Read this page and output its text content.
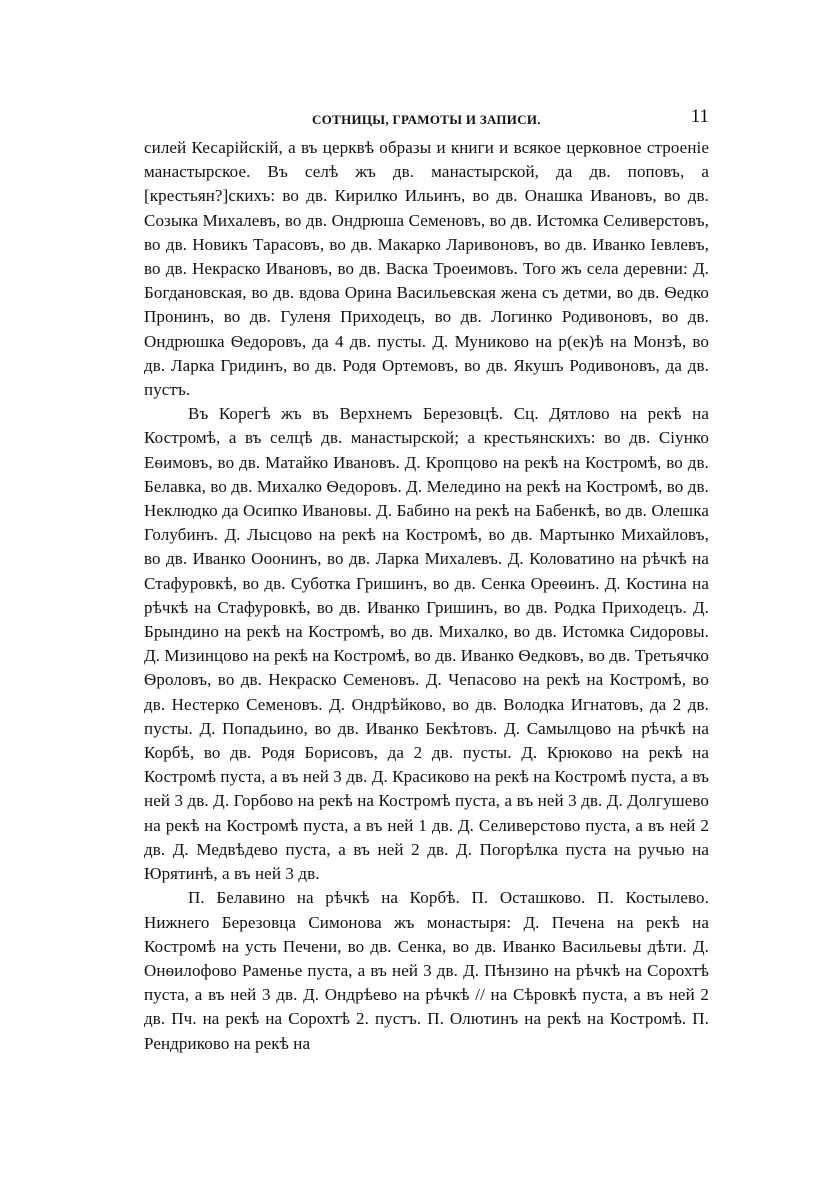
СОТНИЦЫ, ГРАМОТЫ И ЗАПИСИ.	11

силей Кесарійскій, а въ церквѣ образы и книги и всякое церковное строеніе манастырское. Въ селѣ жъ дв. манастырской, да дв. поповъ, а [крестьян?]скихъ: во дв. Кирилко Ильинъ, во дв. Онашка Ивановъ, во дв. Созыка Михалевъ, во дв. Ондрюша Семеновъ, во дв. Истомка Селиверстовъ, во дв. Новикъ Тарасовъ, во дв. Макарко Ларивоновъ, во дв. Иванко Іевлевъ, во дв. Некраско Ивановъ, во дв. Васка Троеимовъ. Того жъ села деревни: Д. Богдановская, во дв. вдова Орина Васильевская жена съ детми, во дв. Ѳедко Пронинъ, во дв. Гуленя Приходецъ, во дв. Логинко Родивоновъ, во дв. Ондрюшка Ѳедоровъ, да 4 дв. пусты. Д. Муниково на р(ек)ѣ на Монзѣ, во дв. Ларка Гридинъ, во дв. Родя Ортемовъ, во дв. Якушъ Родивоновъ, да дв. пустъ.

Въ Корегѣ жъ въ Верхнемъ Березовцѣ. Сц. Дятлово на рекѣ на Костромѣ, а въ селцѣ дв. манастырской; а крестьянскихъ: во дв. Сіунко Еѳимовъ, во дв. Матайко Ивановъ. Д. Кропцово на рекѣ на Костромѣ, во дв. Белавка, во дв. Михалко Ѳедоровъ. Д. Меледино на рекѣ на Костромѣ, во дв. Неклюдко да Осипко Ивановы. Д. Бабино на рекѣ на Бабенкѣ, во дв. Олешка Голубинъ. Д. Лысцово на рекѣ на Костромѣ, во дв. Мартынко Михайловъ, во дв. Иванко Ооонинъ, во дв. Ларка Михалевъ. Д. Коловатино на рѣчкѣ на Стафуровкѣ, во дв. Суботка Гришинъ, во дв. Сенка Ореѳинъ. Д. Костина на рѣчкѣ на Стафуровкѣ, во дв. Иванко Гришинъ, во дв. Родка Приходецъ. Д. Брындино на рекѣ на Костромѣ, во дв. Михалко, во дв. Истомка Сидоровы. Д. Мизинцово на рекѣ на Костромѣ, во дв. Иванко Ѳедковъ, во дв. Третьячко Ѳроловъ, во дв. Некраско Семеновъ. Д. Чепасово на рекѣ на Костромѣ, во дв. Нестерко Семеновъ. Д. Ондрѣйково, во дв. Володка Игнатовъ, да 2 дв. пусты. Д. Попадьино, во дв. Иванко Бекѣтовъ. Д. Самылцово на рѣчкѣ на Корбѣ, во дв. Родя Борисовъ, да 2 дв. пусты. Д. Крюково на рекѣ на Костромѣ пуста, а въ ней 3 дв. Д. Красиково на рекѣ на Костромѣ пуста, а въ ней 3 дв. Д. Горбово на рекѣ на Костромѣ пуста, а въ ней 3 дв. Д. Долгушево на рекѣ на Костромѣ пуста, а въ ней 1 дв. Д. Селиверстово пуста, а въ ней 2 дв. Д. Медвѣдево пуста, а въ ней 2 дв. Д. Погорѣлка пуста на ручью на Юрятинѣ, а въ ней 3 дв.

П. Белавино на рѣчкѣ на Корбѣ. П. Осташково. П. Костылево. Нижнего Березовца Симонова жъ монастыря: Д. Печена на рекѣ на Костромѣ на усть Печени, во дв. Сенка, во дв. Иванко Васильевы дѣти. Д. Онѳилофово Раменье пуста, а въ ней 3 дв. Д. Пѣнзино на рѣчкѣ на Сорохтѣ пуста, а въ ней 3 дв. Д. Ондрѣево на рѣчкѣ // на Сѣровкѣ пуста, а въ ней 2 дв. Пч. на рекѣ на Сорохтѣ 2. пустъ. П. Олютинъ на рекѣ на Костромѣ. П. Рендриково на рекѣ на
